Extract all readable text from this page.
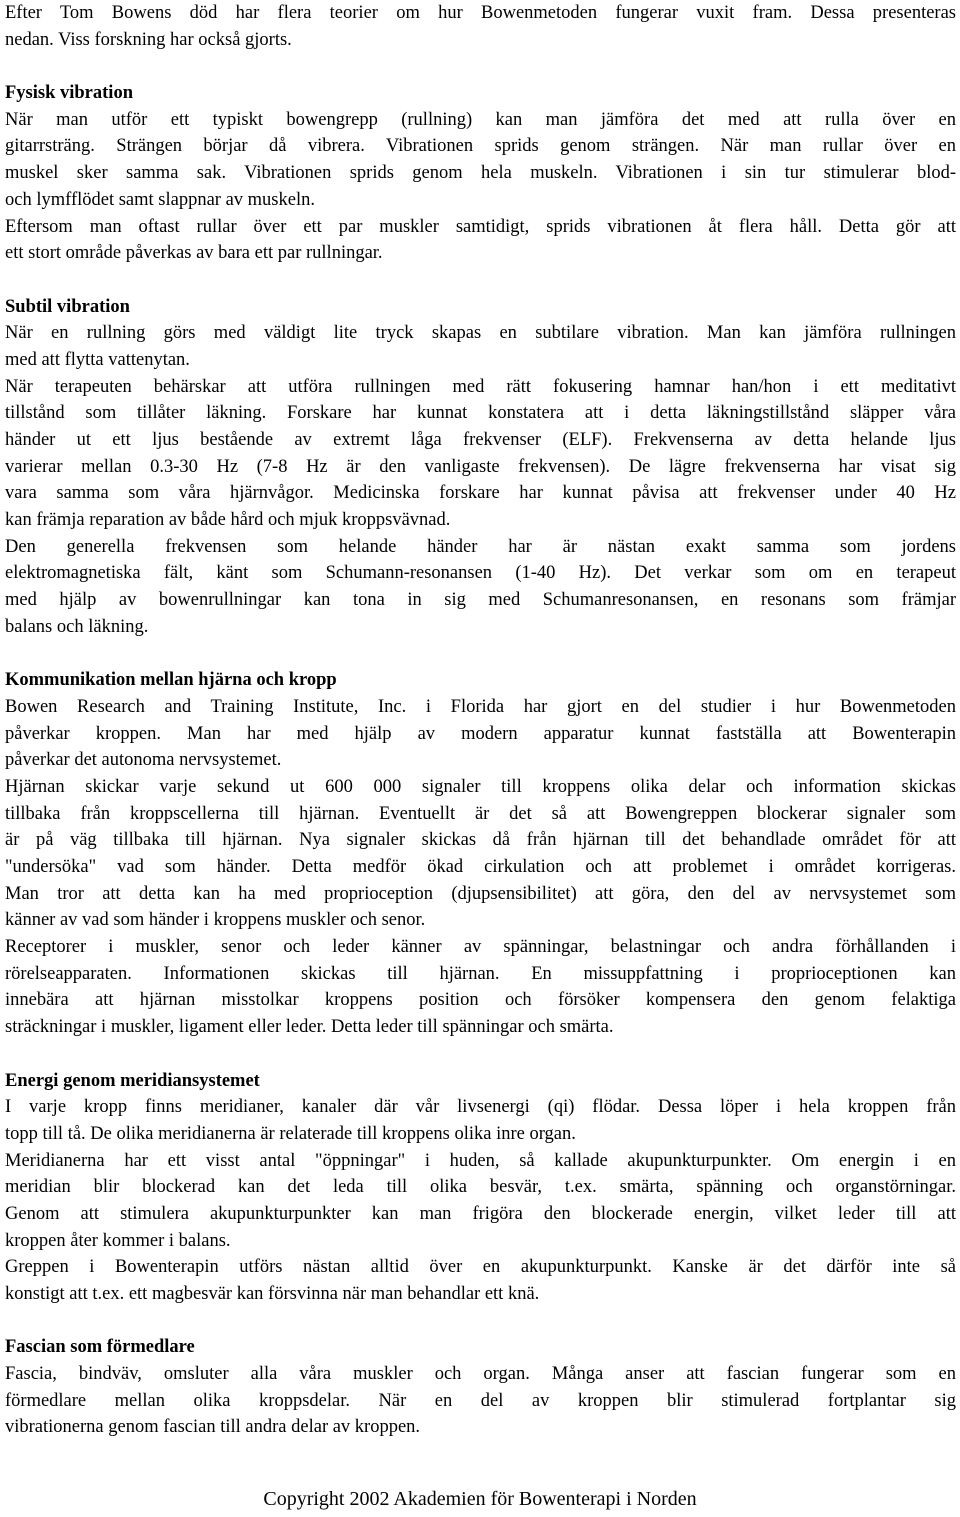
Efter Tom Bowens död har flera teorier om hur Bowenmetoden fungerar vuxit fram. Dessa presenteras
nedan. Viss forskning har också gjorts.
Fysisk vibration
När man utför ett typiskt bowengrepp (rullning) kan man jämföra det med att rulla över en
gitarrsträng. Strängen börjar då vibrera. Vibrationen sprids genom strängen. När man rullar över en
muskel sker samma sak. Vibrationen sprids genom hela muskeln. Vibrationen i sin tur stimulerar blod-
och lymfflödet samt slappnar av muskeln.
Eftersom man oftast rullar över ett par muskler samtidigt, sprids vibrationen åt flera håll. Detta gör att
ett stort område påverkas av bara ett par rullningar.
Subtil vibration
När en rullning görs med väldigt lite tryck skapas en subtilare vibration. Man kan jämföra rullningen
med att flytta vattenytan.
När terapeuten behärskar att utföra rullningen med rätt fokusering hamnar han/hon i ett meditativt
tillstånd som tillåter läkning. Forskare har kunnat konstatera att i detta läkningstillstånd släpper våra
händer ut ett ljus bestående av extremt låga frekvenser (ELF). Frekvenserna av detta helande ljus
varierar mellan 0.3-30 Hz (7-8 Hz är den vanligaste frekvensen). De lägre frekvenserna har visat sig
vara samma som våra hjärnvågor. Medicinska forskare har kunnat påvisa att frekvenser under 40 Hz
kan främja reparation av både hård och mjuk kroppsvävnad.
Den generella frekvensen som helande händer har är nästan exakt samma som jordens
elektromagnetiska fält, känt som Schumann-resonansen (1-40 Hz). Det verkar som om en terapeut
med hjälp av bowenrullningar kan tona in sig med Schumanresonansen, en resonans som främjar
balans och läkning.
Kommunikation mellan hjärna och kropp
Bowen Research and Training Institute, Inc. i Florida har gjort en del studier i hur Bowenmetoden
påverkar kroppen. Man har med hjälp av modern apparatur kunnat fastställa att Bowenterapin
påverkar det autonoma nervsystemet.
Hjärnan skickar varje sekund ut 600 000 signaler till kroppens olika delar och information skickas
tillbaka från kroppscellerna till hjärnan. Eventuellt är det så att Bowengreppen blockerar signaler som
är på väg tillbaka till hjärnan. Nya signaler skickas då från hjärnan till det behandlade området för att
"undersöka" vad som händer. Detta medför ökad cirkulation och att problemet i området korrigeras.
Man tror att detta kan ha med proprioception (djupsensibilitet) att göra, den del av nervsystemet som
känner av vad som händer i kroppens muskler och senor.
Receptorer i muskler, senor och leder känner av spänningar, belastningar och andra förhållanden i
rörelseapparaten. Informationen skickas till hjärnan. En missuppfattning i proprioceptionen kan
innebära att hjärnan misstolkar kroppens position och försöker kompensera den genom felaktiga
sträckningar i muskler, ligament eller leder. Detta leder till spänningar och smärta.
Energi genom meridiansystemet
I varje kropp finns meridianer, kanaler där vår livsenergi (qi) flödar. Dessa löper i hela kroppen från
topp till tå. De olika meridianerna är relaterade till kroppens olika inre organ.
Meridianerna har ett visst antal "öppningar" i huden, så kallade akupunkturpunkter. Om energin i en
meridian blir blockerad kan det leda till olika besvär, t.ex. smärta, spänning och organstörningar.
Genom att stimulera akupunkturpunkter kan man frigöra den blockerade energin, vilket leder till att
kroppen åter kommer i balans.
Greppen i Bowenterapin utförs nästan alltid över en akupunkturpunkt. Kanske är det därför inte så
konstigt att t.ex. ett magbesvär kan försvinna när man behandlar ett knä.
Fascian som förmedlare
Fascia, bindväv, omsluter alla våra muskler och organ. Många anser att fascian fungerar som en
förmedlare mellan olika kroppsdelar. När en del av kroppen blir stimulerad fortplantar sig
vibrationerna genom fascian till andra delar av kroppen.
Copyright 2002 Akademien för Bowenterapi i Norden
